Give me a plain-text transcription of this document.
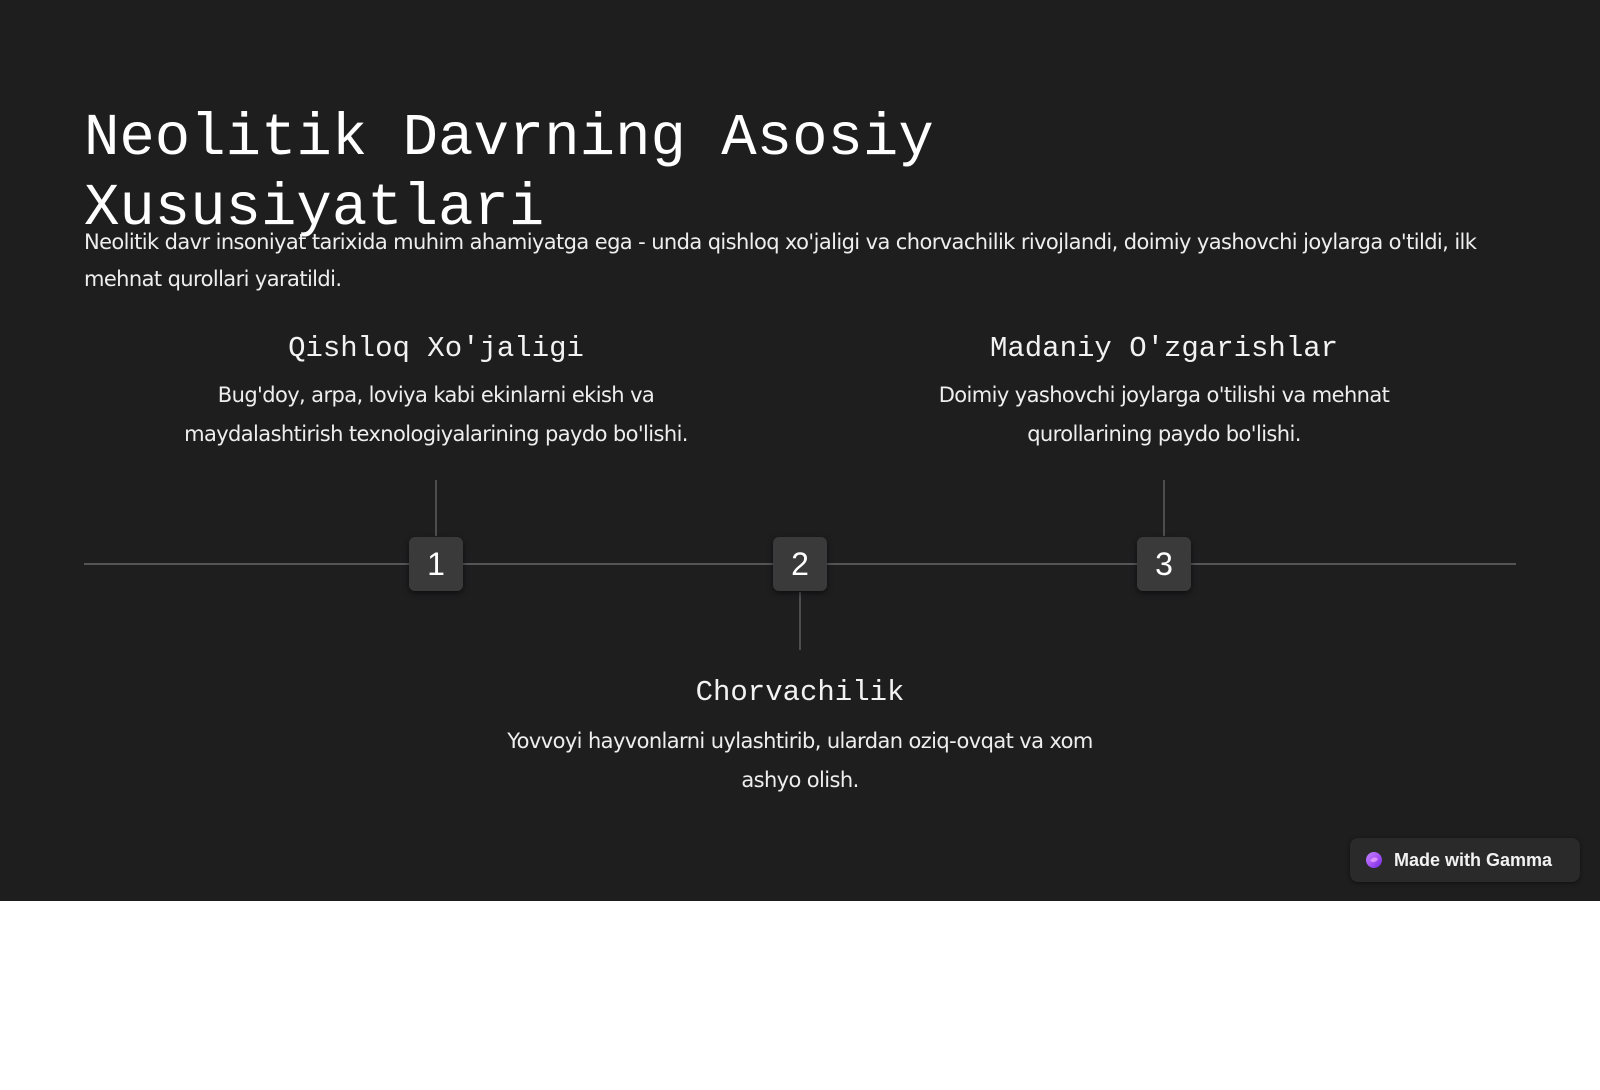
Neolitik Davrning Asosiy Xususiyatlari

Neolitik davr insoniyat tarixida muhim ahamiyatga ega - unda qishloq xo'jaligi va chorvachilik rivojlandi, doimiy yashovchi joylarga o'tildi, ilk mehnat qurollari yaratildi.

Qishloq Xo'jaligi

Bug'doy, arpa, loviya kabi ekinlarni ekish va maydalashtirish texnologiyalarining paydo bo'lishi.

Madaniy O'zgarishlar

Doimiy yashovchi joylarga o'tilishi va mehnat qurollarining paydo bo'lishi.

1	2	3
Chorvachilik

Yovvoyi hayvonlarni uylashtirib, ulardan oziq-ovqat va xom ashyo olish.

Made with Gamma
